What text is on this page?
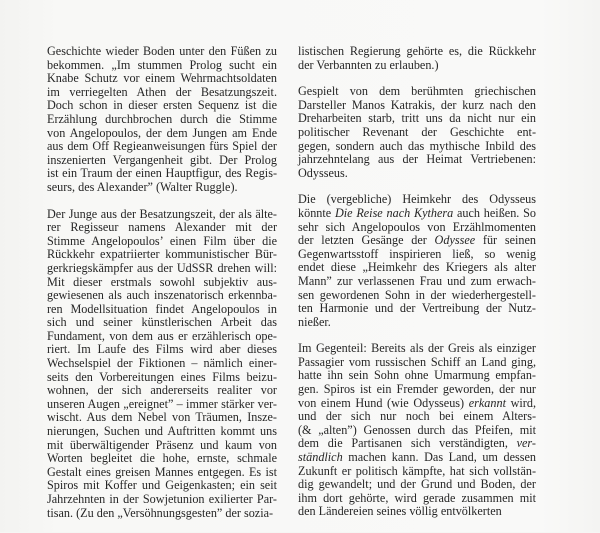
Geschichte wieder Boden unter den Füßen zu
bekommen. „Im stummen Prolog sucht ein
Knabe Schutz vor einem Wehrmachtsoldaten
im verriegelten Athen der Besatzungszeit.
Doch schon in dieser ersten Sequenz ist die
Erzählung durchbrochen durch die Stimme
von Angelopoulos, der dem Jungen am Ende
aus dem Off Regieanweisungen fürs Spiel der
inszenierten Vergangenheit gibt. Der Prolog
ist ein Traum der einen Hauptfigur, des Regis-
seurs, des Alexander” (Walter Ruggle).
Der Junge aus der Besatzungszeit, der als älte-
rer Regisseur namens Alexander mit der
Stimme Angelopoulos’ einen Film über die
Rückkehr expatriierter kommunistischer Bür-
gerkriegskämpfer aus der UdSSR drehen will:
Mit dieser erstmals sowohl subjektiv aus-
gewiesenen als auch inszenatorisch erkennba-
ren Modellsituation findet Angelopoulos in
sich und seiner künstlerischen Arbeit das
Fundament, von dem aus er erzählerisch ope-
riert. Im Laufe des Films wird aber dieses
Wechselspiel der Fiktionen – nämlich einer-
seits den Vorbereitungen eines Films beizu-
wohnen, der sich andererseits realiter vor
unseren Augen „ereignet” – immer stärker ver-
wischt. Aus dem Nebel von Träumen, Insze-
nierungen, Suchen und Auftritten kommt uns
mit überwältigender Präsenz und kaum von
Worten begleitet die hohe, ernste, schmale
Gestalt eines greisen Mannes entgegen. Es ist
Spiros mit Koffer und Geigenkasten; ein seit
Jahrzehnten in der Sowjetunion exilierter Par-
tisan. (Zu den „Versöhnungsgesten” der sozia-
listischen Regierung gehörte es, die Rückkehr
der Verbannten zu erlauben.)
Gespielt von dem berühmten griechischen
Darsteller Manos Katrakis, der kurz nach den
Dreharbeiten starb, tritt uns da nicht nur ein
politischer Revenant der Geschichte ent-
gegen, sondern auch das mythische Inbild des
jahrzehntelang aus der Heimat Vertriebenen:
Odysseus.
Die (vergebliche) Heimkehr des Odysseus
könnte Die Reise nach Kythera auch heißen. So
sehr sich Angelopoulos von Erzählmomenten
der letzten Gesänge der Odyssee für seinen
Gegenwartsstoff inspirieren ließ, so wenig
endet diese „Heimkehr des Kriegers als alter
Mann” zur verlassenen Frau und zum erwach-
sen gewordenen Sohn in der wiederhergestell-
ten Harmonie und der Vertreibung der Nutz-
nießer.
Im Gegenteil: Bereits als der Greis als einziger
Passagier vom russischen Schiff an Land ging,
hatte ihn sein Sohn ohne Umarmung empfan-
gen. Spiros ist ein Fremder geworden, der nur
von einem Hund (wie Odysseus) erkannt wird,
und der sich nur noch bei einem Alters-
(& „alten”) Genossen durch das Pfeifen, mit
dem die Partisanen sich verständigten, ver-
ständlich machen kann. Das Land, um dessen
Zukunft er politisch kämpfte, hat sich vollstän-
dig gewandelt; und der Grund und Boden, der
ihm dort gehörte, wird gerade zusammen mit
den Ländereien seines völlig entvölkerten
